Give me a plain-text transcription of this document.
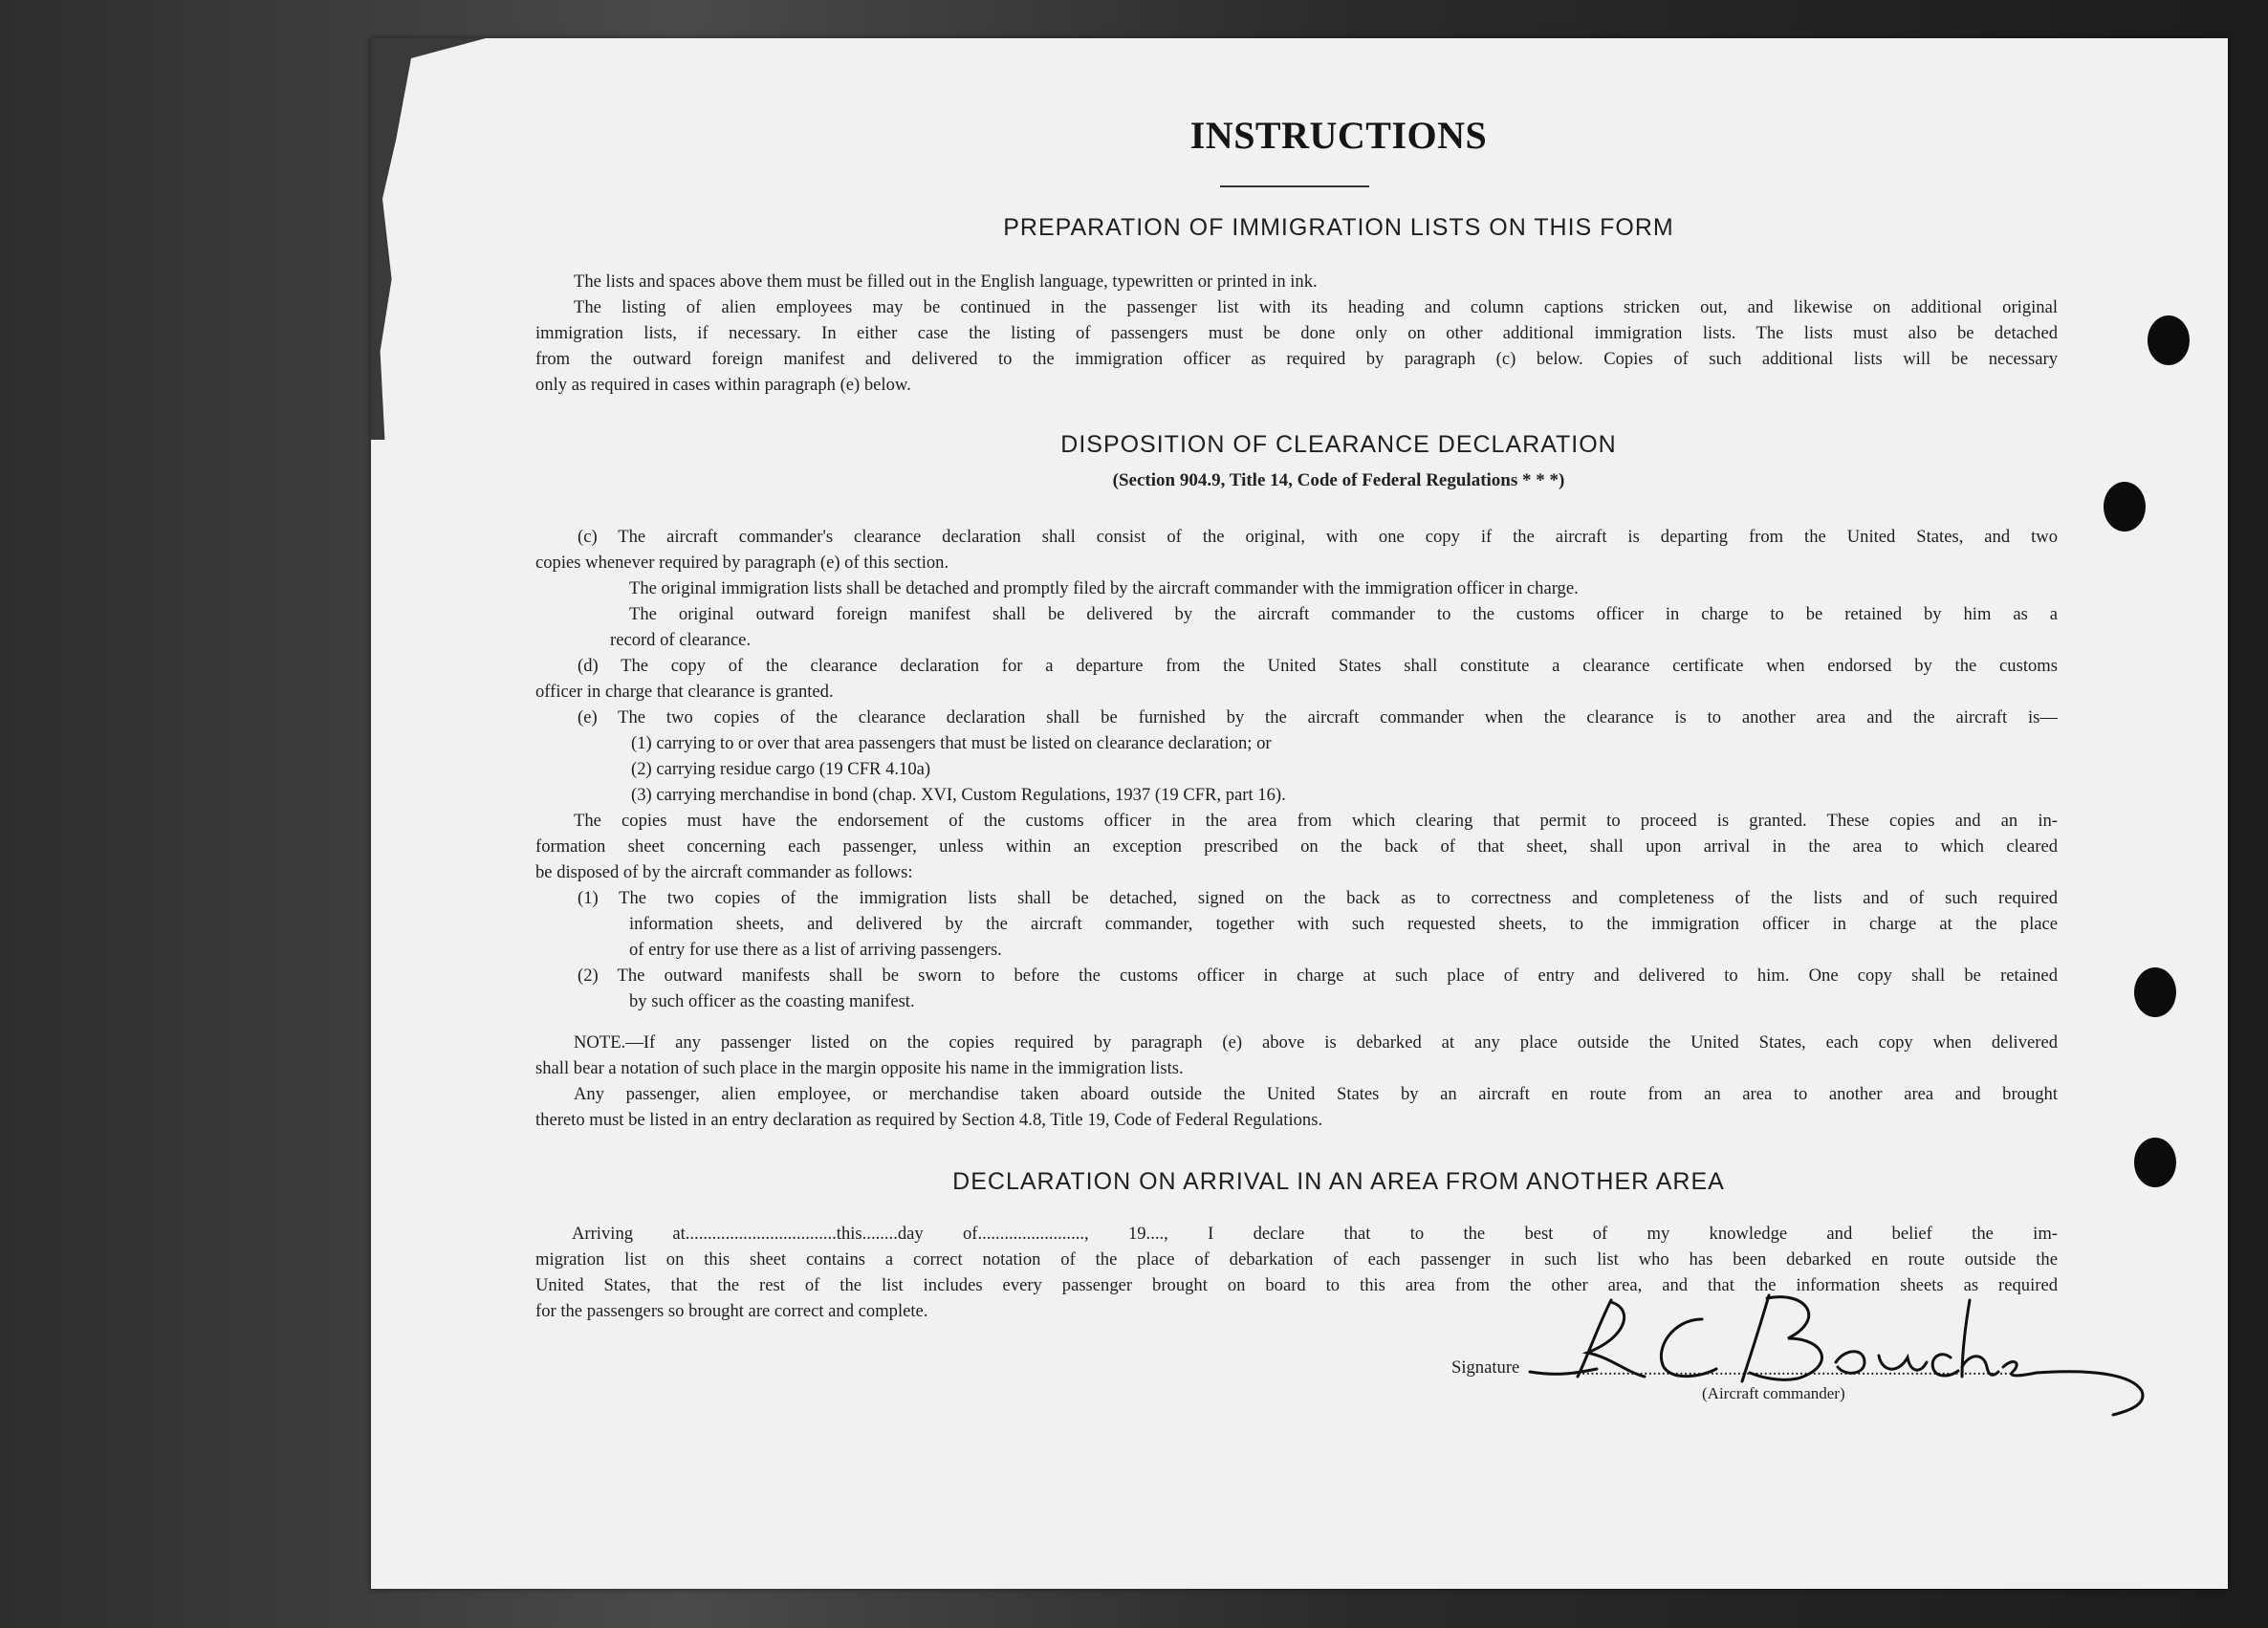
INSTRUCTIONS
PREPARATION OF IMMIGRATION LISTS ON THIS FORM
The lists and spaces above them must be filled out in the English language, typewritten or printed in ink.
The listing of alien employees may be continued in the passenger list with its heading and column captions stricken out, and likewise on additional original
immigration lists, if necessary. In either case the listing of passengers must be done only on other additional immigration lists. The lists must also be detached
from the outward foreign manifest and delivered to the immigration officer as required by paragraph (c) below. Copies of such additional lists will be necessary
only as required in cases within paragraph (e) below.
DISPOSITION OF CLEARANCE DECLARATION
(Section 904.9, Title 14, Code of Federal Regulations * * *)
(c) The aircraft commander's clearance declaration shall consist of the original, with one copy if the aircraft is departing from the United States, and two
copies whenever required by paragraph (e) of this section.
The original immigration lists shall be detached and promptly filed by the aircraft commander with the immigration officer in charge.
The original outward foreign manifest shall be delivered by the aircraft commander to the customs officer in charge to be retained by him as a
record of clearance.
(d) The copy of the clearance declaration for a departure from the United States shall constitute a clearance certificate when endorsed by the customs
officer in charge that clearance is granted.
(e) The two copies of the clearance declaration shall be furnished by the aircraft commander when the clearance is to another area and the aircraft is—
(1) carrying to or over that area passengers that must be listed on clearance declaration; or
(2) carrying residue cargo (19 CFR 4.10a)
(3) carrying merchandise in bond (chap. XVI, Custom Regulations, 1937 (19 CFR, part 16).
The copies must have the endorsement of the customs officer in the area from which clearing that permit to proceed is granted. These copies and an in-
formation sheet concerning each passenger, unless within an exception prescribed on the back of that sheet, shall upon arrival in the area to which cleared
be disposed of by the aircraft commander as follows:
(1) The two copies of the immigration lists shall be detached, signed on the back as to correctness and completeness of the lists and of such required
information sheets, and delivered by the aircraft commander, together with such requested sheets, to the immigration officer in charge at the place
of entry for use there as a list of arriving passengers.
(2) The outward manifests shall be sworn to before the customs officer in charge at such place of entry and delivered to him. One copy shall be retained
by such officer as the coasting manifest.
NOTE.—If any passenger listed on the copies required by paragraph (e) above is debarked at any place outside the United States, each copy when delivered
shall bear a notation of such place in the margin opposite his name in the immigration lists.
Any passenger, alien employee, or merchandise taken aboard outside the United States by an aircraft en route from an area to another area and brought
thereto must be listed in an entry declaration as required by Section 4.8, Title 19, Code of Federal Regulations.
DECLARATION ON ARRIVAL IN AN AREA FROM ANOTHER AREA
Arriving at..................................this........day of........................, 19...., I declare that to the best of my knowledge and belief the im-
migration list on this sheet contains a correct notation of the place of debarkation of each passenger in such list who has been debarked en route outside the
United States, that the rest of the list includes every passenger brought on board to this area from the other area, and that the information sheets as required
for the passengers so brought are correct and complete.
Signature ..........................................................................................................
(Aircraft commander)
